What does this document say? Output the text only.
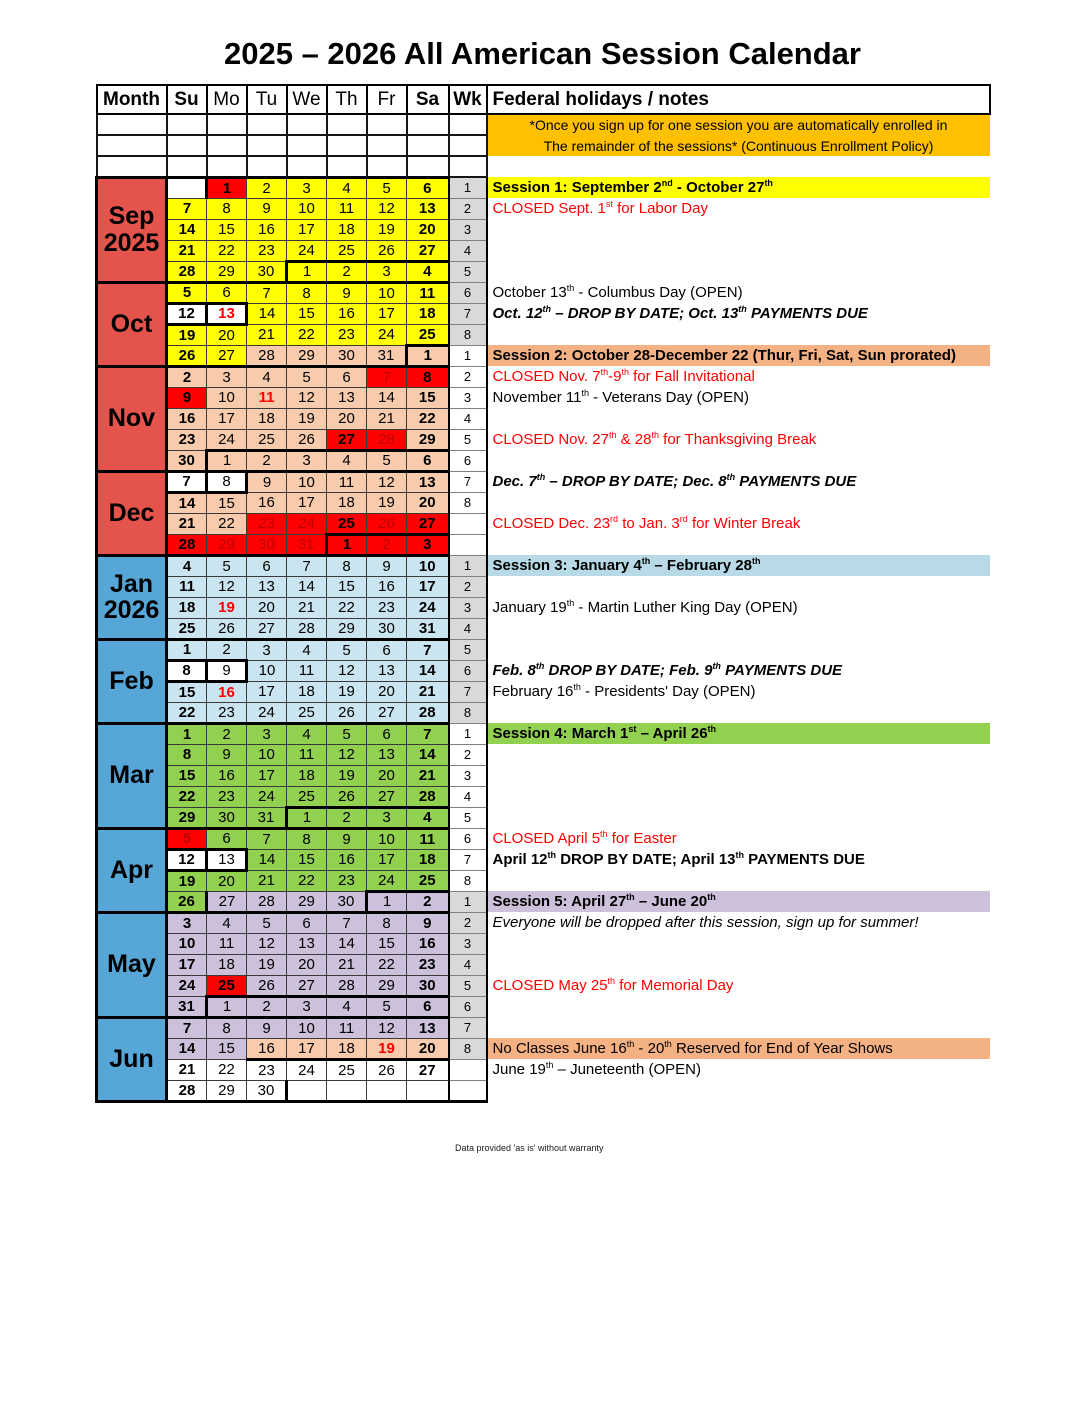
2025 – 2026 All American Session Calendar
Month	Su	Mo	Tu	We	Th	Fr	Sa	Wk	Federal holidays / notes
									*Once you sign up for one session you are automatically enrolled in
									The remainder of the sessions* (Continuous Enrollment Policy)

Sep
2025		1	2	3	4	5	6	1	Session 1: September 2nd - October 27th
	7	8	9	10	11	12	13	2	CLOSED Sept. 1st for Labor Day
	14	15	16	17	18	19	20	3	
	21	22	23	24	25	26	27	4	
	28	29	30	1	2	3	4	5	
Oct	5	6	7	8	9	10	11	6	October 13th - Columbus Day (OPEN)
	12	13	14	15	16	17	18	7	Oct. 12th – DROP BY DATE; Oct. 13th PAYMENTS DUE
	19	20	21	22	23	24	25	8	
	26	27	28	29	30	31	1	1	Session 2: October 28-December 22 (Thur, Fri, Sat, Sun prorated)
Nov	2	3	4	5	6	7	8	2	CLOSED Nov. 7th-9th for Fall Invitational
	9	10	11	12	13	14	15	3	November 11th - Veterans Day (OPEN)
	16	17	18	19	20	21	22	4	
	23	24	25	26	27	28	29	5	CLOSED Nov. 27th & 28th for Thanksgiving Break
	30	1	2	3	4	5	6	6	
Dec	7	8	9	10	11	12	13	7	Dec. 7th – DROP BY DATE; Dec. 8th PAYMENTS DUE
	14	15	16	17	18	19	20	8	
	21	22	23	24	25	26	27		CLOSED Dec. 23rd to Jan. 3rd for Winter Break
	28	29	30	31	1	2	3		
Jan
2026	4	5	6	7	8	9	10	1	Session 3: January 4th – February 28th
	11	12	13	14	15	16	17	2	
	18	19	20	21	22	23	24	3	January 19th - Martin Luther King Day (OPEN)
	25	26	27	28	29	30	31	4	
Feb	1	2	3	4	5	6	7	5	
	8	9	10	11	12	13	14	6	Feb. 8th DROP BY DATE; Feb. 9th PAYMENTS DUE
	15	16	17	18	19	20	21	7	February 16th - Presidents' Day (OPEN)
	22	23	24	25	26	27	28	8	
Mar	1	2	3	4	5	6	7	1	Session 4: March 1st – April 26th
	8	9	10	11	12	13	14	2	
	15	16	17	18	19	20	21	3	
	22	23	24	25	26	27	28	4	
	29	30	31	1	2	3	4	5	
Apr	5	6	7	8	9	10	11	6	CLOSED April 5th for Easter
	12	13	14	15	16	17	18	7	April 12th DROP BY DATE; April 13th PAYMENTS DUE
	19	20	21	22	23	24	25	8	
	26	27	28	29	30	1	2	1	Session 5: April 27th – June 20th
May	3	4	5	6	7	8	9	2	Everyone will be dropped after this session, sign up for summer!
	10	11	12	13	14	15	16	3	
	17	18	19	20	21	22	23	4	
	24	25	26	27	28	29	30	5	CLOSED May 25th for Memorial Day
	31	1	2	3	4	5	6	6	
Jun	7	8	9	10	11	12	13	7	
	14	15	16	17	18	19	20	8	No Classes June 16th - 20th Reserved for End of Year Shows
	21	22	23	24	25	26	27		June 19th – Juneteenth (OPEN)
	28	29	30						
Data provided 'as is' without warranty
